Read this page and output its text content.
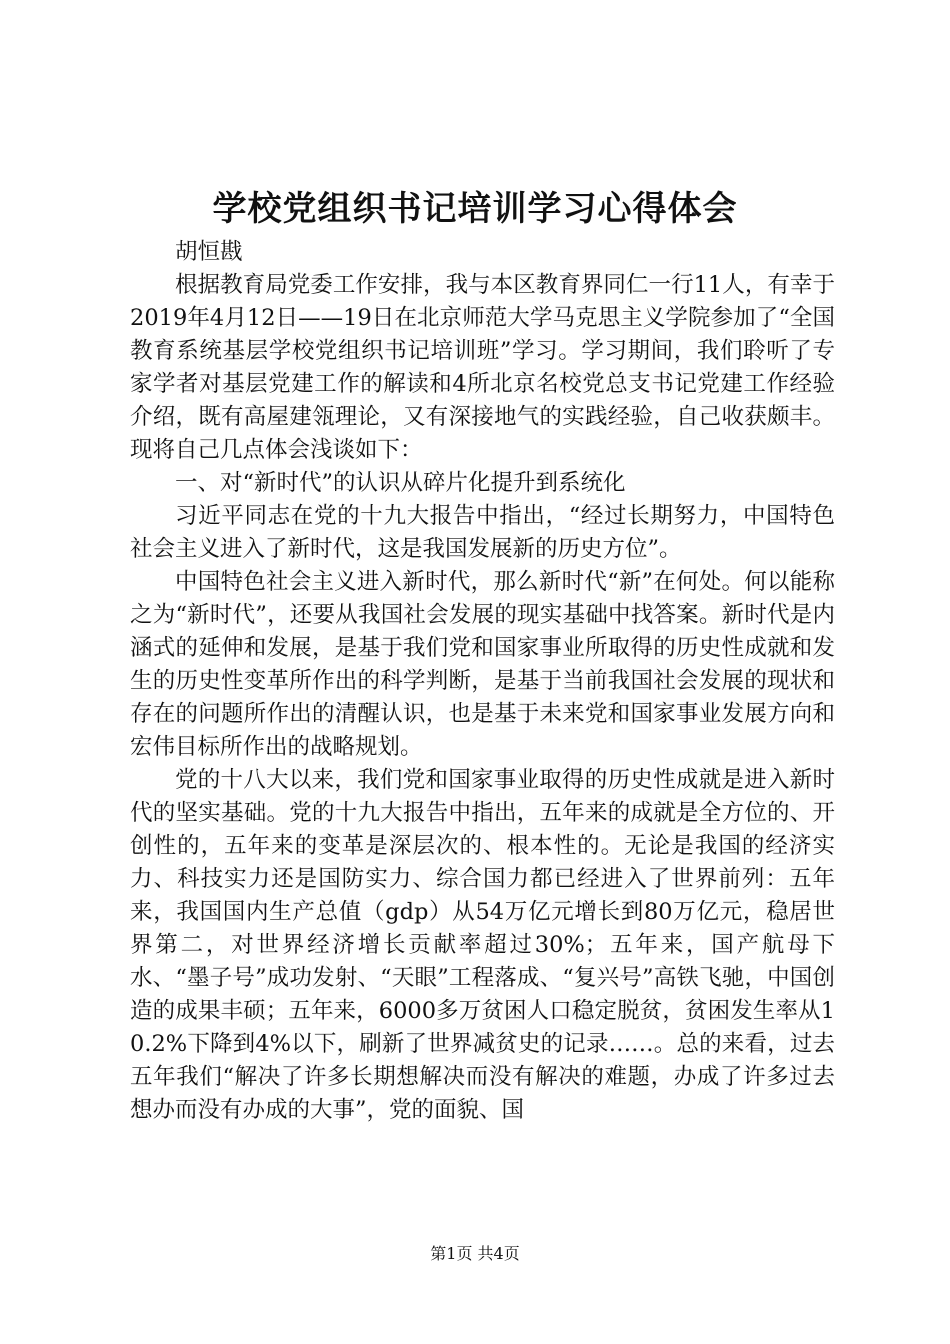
学校党组织书记培训学习心得体会

胡恒戡

根据教育局党委工作安排，我与本区教育界同仁一行11人，有幸于2019年4月12日——19日在北京师范大学马克思主义学院参加了“全国教育系统基层学校党组织书记培训班”学习。学习期间，我们聆听了专家学者对基层党建工作的解读和4所北京名校党总支书记党建工作经验介绍，既有高屋建瓴理论，又有深接地气的实践经验，自己收获颇丰。现将自己几点体会浅谈如下：

一、对“新时代”的认识从碎片化提升到系统化

习近平同志在党的十九大报告中指出，“经过长期努力，中国特色社会主义进入了新时代，这是我国发展新的历史方位”。

中国特色社会主义进入新时代，那么新时代“新”在何处。何以能称之为“新时代”，还要从我国社会发展的现实基础中找答案。新时代是内涵式的延伸和发展，是基于我们党和国家事业所取得的历史性成就和发生的历史性变革所作出的科学判断，是基于当前我国社会发展的现状和存在的问题所作出的清醒认识，也是基于未来党和国家事业发展方向和宏伟目标所作出的战略规划。

党的十八大以来，我们党和国家事业取得的历史性成就是进入新时代的坚实基础。党的十九大报告中指出，五年来的成就是全方位的、开创性的，五年来的变革是深层次的、根本性的。无论是我国的经济实力、科技实力还是国防实力、综合国力都已经进入了世界前列：五年来，我国国内生产总值（gdp）从54万亿元增长到80万亿元，稳居世界第二，对世界经济增长贡献率超过30%；五年来，国产航母下水、“墨子号”成功发射、“天眼”工程落成、“复兴号”高铁飞驰，中国创造的成果丰硕；五年来，6000多万贫困人口稳定脱贫，贫困发生率从10.2%下降到4%以下，刷新了世界减贫史的记录……。总的来看，过去五年我们“解决了许多长期想解决而没有解决的难题，办成了许多过去想办而没有办成的大事”，党的面貌、国

第1页 共4页
